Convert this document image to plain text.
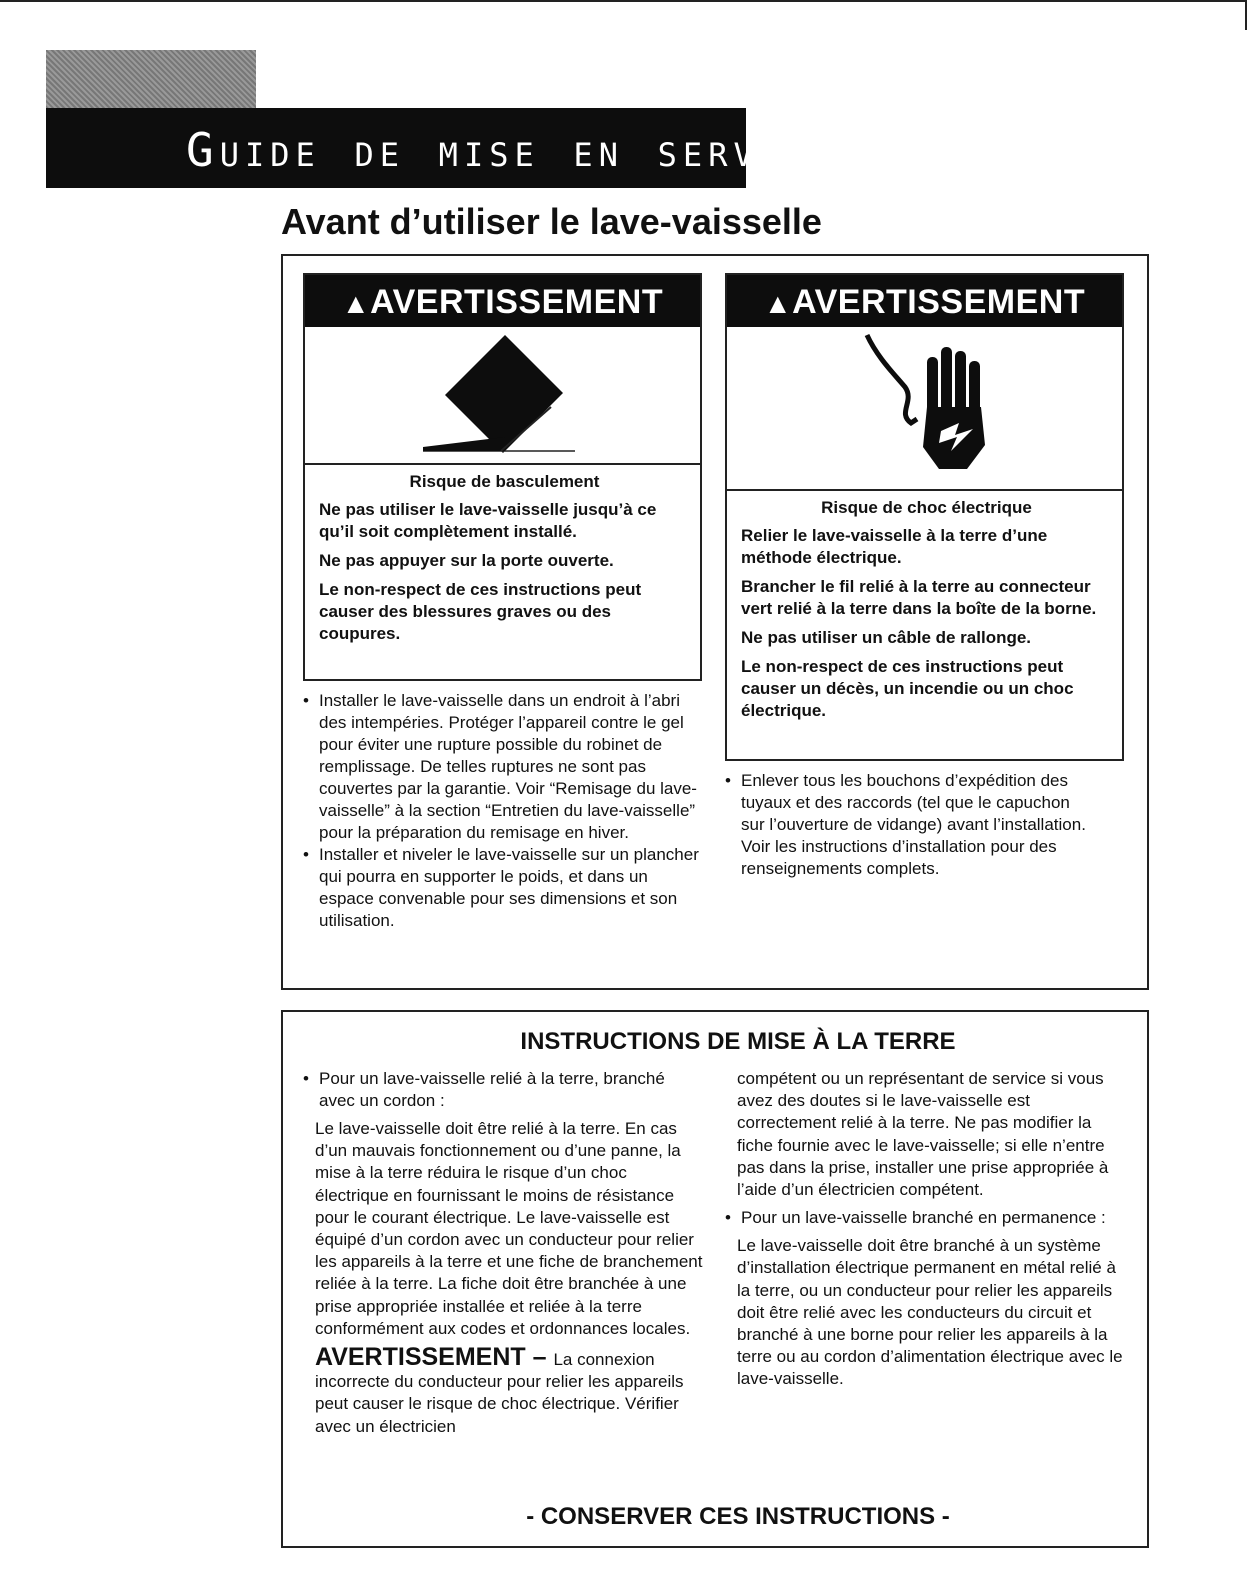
Guide de mise en service
Avant d’utiliser le lave-vaisselle
▲AVERTISSEMENT
Risque de basculement
Ne pas utiliser le lave-vaisselle jusqu’à ce qu’il soit complètement installé.
Ne pas appuyer sur la porte ouverte.
Le non-respect de ces instructions peut causer des blessures graves ou des coupures.
▲AVERTISSEMENT
Risque de choc électrique
Relier le lave-vaisselle à la terre d’une méthode électrique.
Brancher le fil relié à la terre au connecteur vert relié à la terre dans la boîte de la borne.
Ne pas utiliser un câble de rallonge.
Le non-respect de ces instructions peut causer un décès, un incendie ou un choc électrique.
• Installer le lave-vaisselle dans un endroit à l’abri des intempéries. Protéger l’appareil contre le gel pour éviter une rupture possible du robinet de remplissage. De telles ruptures ne sont pas couvertes par la garantie. Voir “Remisage du lave-vaisselle” à la section “Entretien du lave-vaisselle” pour la préparation du remisage en hiver.
• Installer et niveler le lave-vaisselle sur un plancher qui pourra en supporter le poids, et dans un espace convenable pour ses dimensions et son utilisation.
• Enlever tous les bouchons d’expédition des tuyaux et des raccords (tel que le capuchon sur l’ouverture de vidange) avant l’installation. Voir les instructions d’installation pour des renseignements complets.
INSTRUCTIONS DE MISE À LA TERRE
• Pour un lave-vaisselle relié à la terre, branché avec un cordon :
Le lave-vaisselle doit être relié à la terre. En cas d’un mauvais fonctionnement ou d’une panne, la mise à la terre réduira le risque d’un choc électrique en fournissant le moins de résistance pour le courant électrique. Le lave-vaisselle est équipé d’un cordon avec un conducteur pour relier les appareils à la terre et une fiche de branchement reliée à la terre. La fiche doit être branchée à une prise appropriée installée et reliée à la terre conformément aux codes et ordonnances locales.
AVERTISSEMENT – La connexion incorrecte du conducteur pour relier les appareils peut causer le risque de choc électrique. Vérifier avec un électricien
compétent ou un représentant de service si vous avez des doutes si le lave-vaisselle est correctement relié à la terre. Ne pas modifier la fiche fournie avec le lave-vaisselle; si elle n’entre pas dans la prise, installer une prise appropriée à l’aide d’un électricien compétent.
• Pour un lave-vaisselle branché en permanence :
Le lave-vaisselle doit être branché à un système d’installation électrique permanent en métal relié à la terre, ou un conducteur pour relier les appareils doit être relié avec les conducteurs du circuit et branché à une borne pour relier les appareils à la terre ou au cordon d’alimentation électrique avec le lave-vaisselle.
- CONSERVER CES INSTRUCTIONS -
